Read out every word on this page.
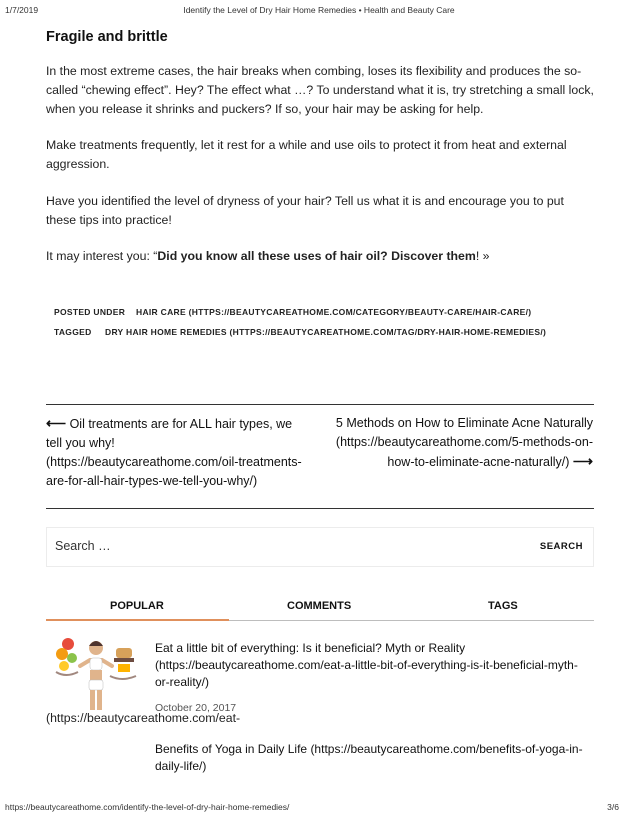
1/7/2019	Identify the Level of Dry Hair Home Remedies • Health and Beauty Care
Fragile and brittle

In the most extreme cases, the hair breaks when combing, loses its flexibility and produces the so-called “chewing effect”. Hey? The effect what …? To understand what it is, try stretching a small lock, when you release it shrinks and puckers? If so, your hair may be asking for help.

Make treatments frequently, let it rest for a while and use oils to protect it from heat and external aggression.

Have you identified the level of dryness of your hair? Tell us what it is and encourage you to put these tips into practice!

It may interest you: “Did you know all these uses of hair oil? Discover them! »

POSTED UNDER HAIR CARE (HTTPS://BEAUTYCAREATHOME.COM/CATEGORY/BEAUTY-CARE/HAIR-CARE/)
TAGGED DRY HAIR HOME REMEDIES (HTTPS://BEAUTYCAREATHOME.COM/TAG/DRY-HAIR-HOME-REMEDIES/)
⟵ Oil treatments are for ALL hair types, we tell you why! (https://beautycareathome.com/oil-treatments-are-for-all-hair-types-we-tell-you-why/)
5 Methods on How to Eliminate Acne Naturally (https://beautycareathome.com/5-methods-on-how-to-eliminate-acne-naturally/) ⟶
Search …	SEARCH
POPULAR	COMMENTS	TAGS
Eat a little bit of everything: Is it beneficial? Myth or Reality (https://beautycareathome.com/eat-a-little-bit-of-everything-is-it-beneficial-myth-or-reality/)
October 20, 2017
(https://beautycareathome.com/eat-
Benefits of Yoga in Daily Life (https://beautycareathome.com/benefits-of-yoga-in-daily-life/)
https://beautycareathome.com/identify-the-level-of-dry-hair-home-remedies/	3/6
